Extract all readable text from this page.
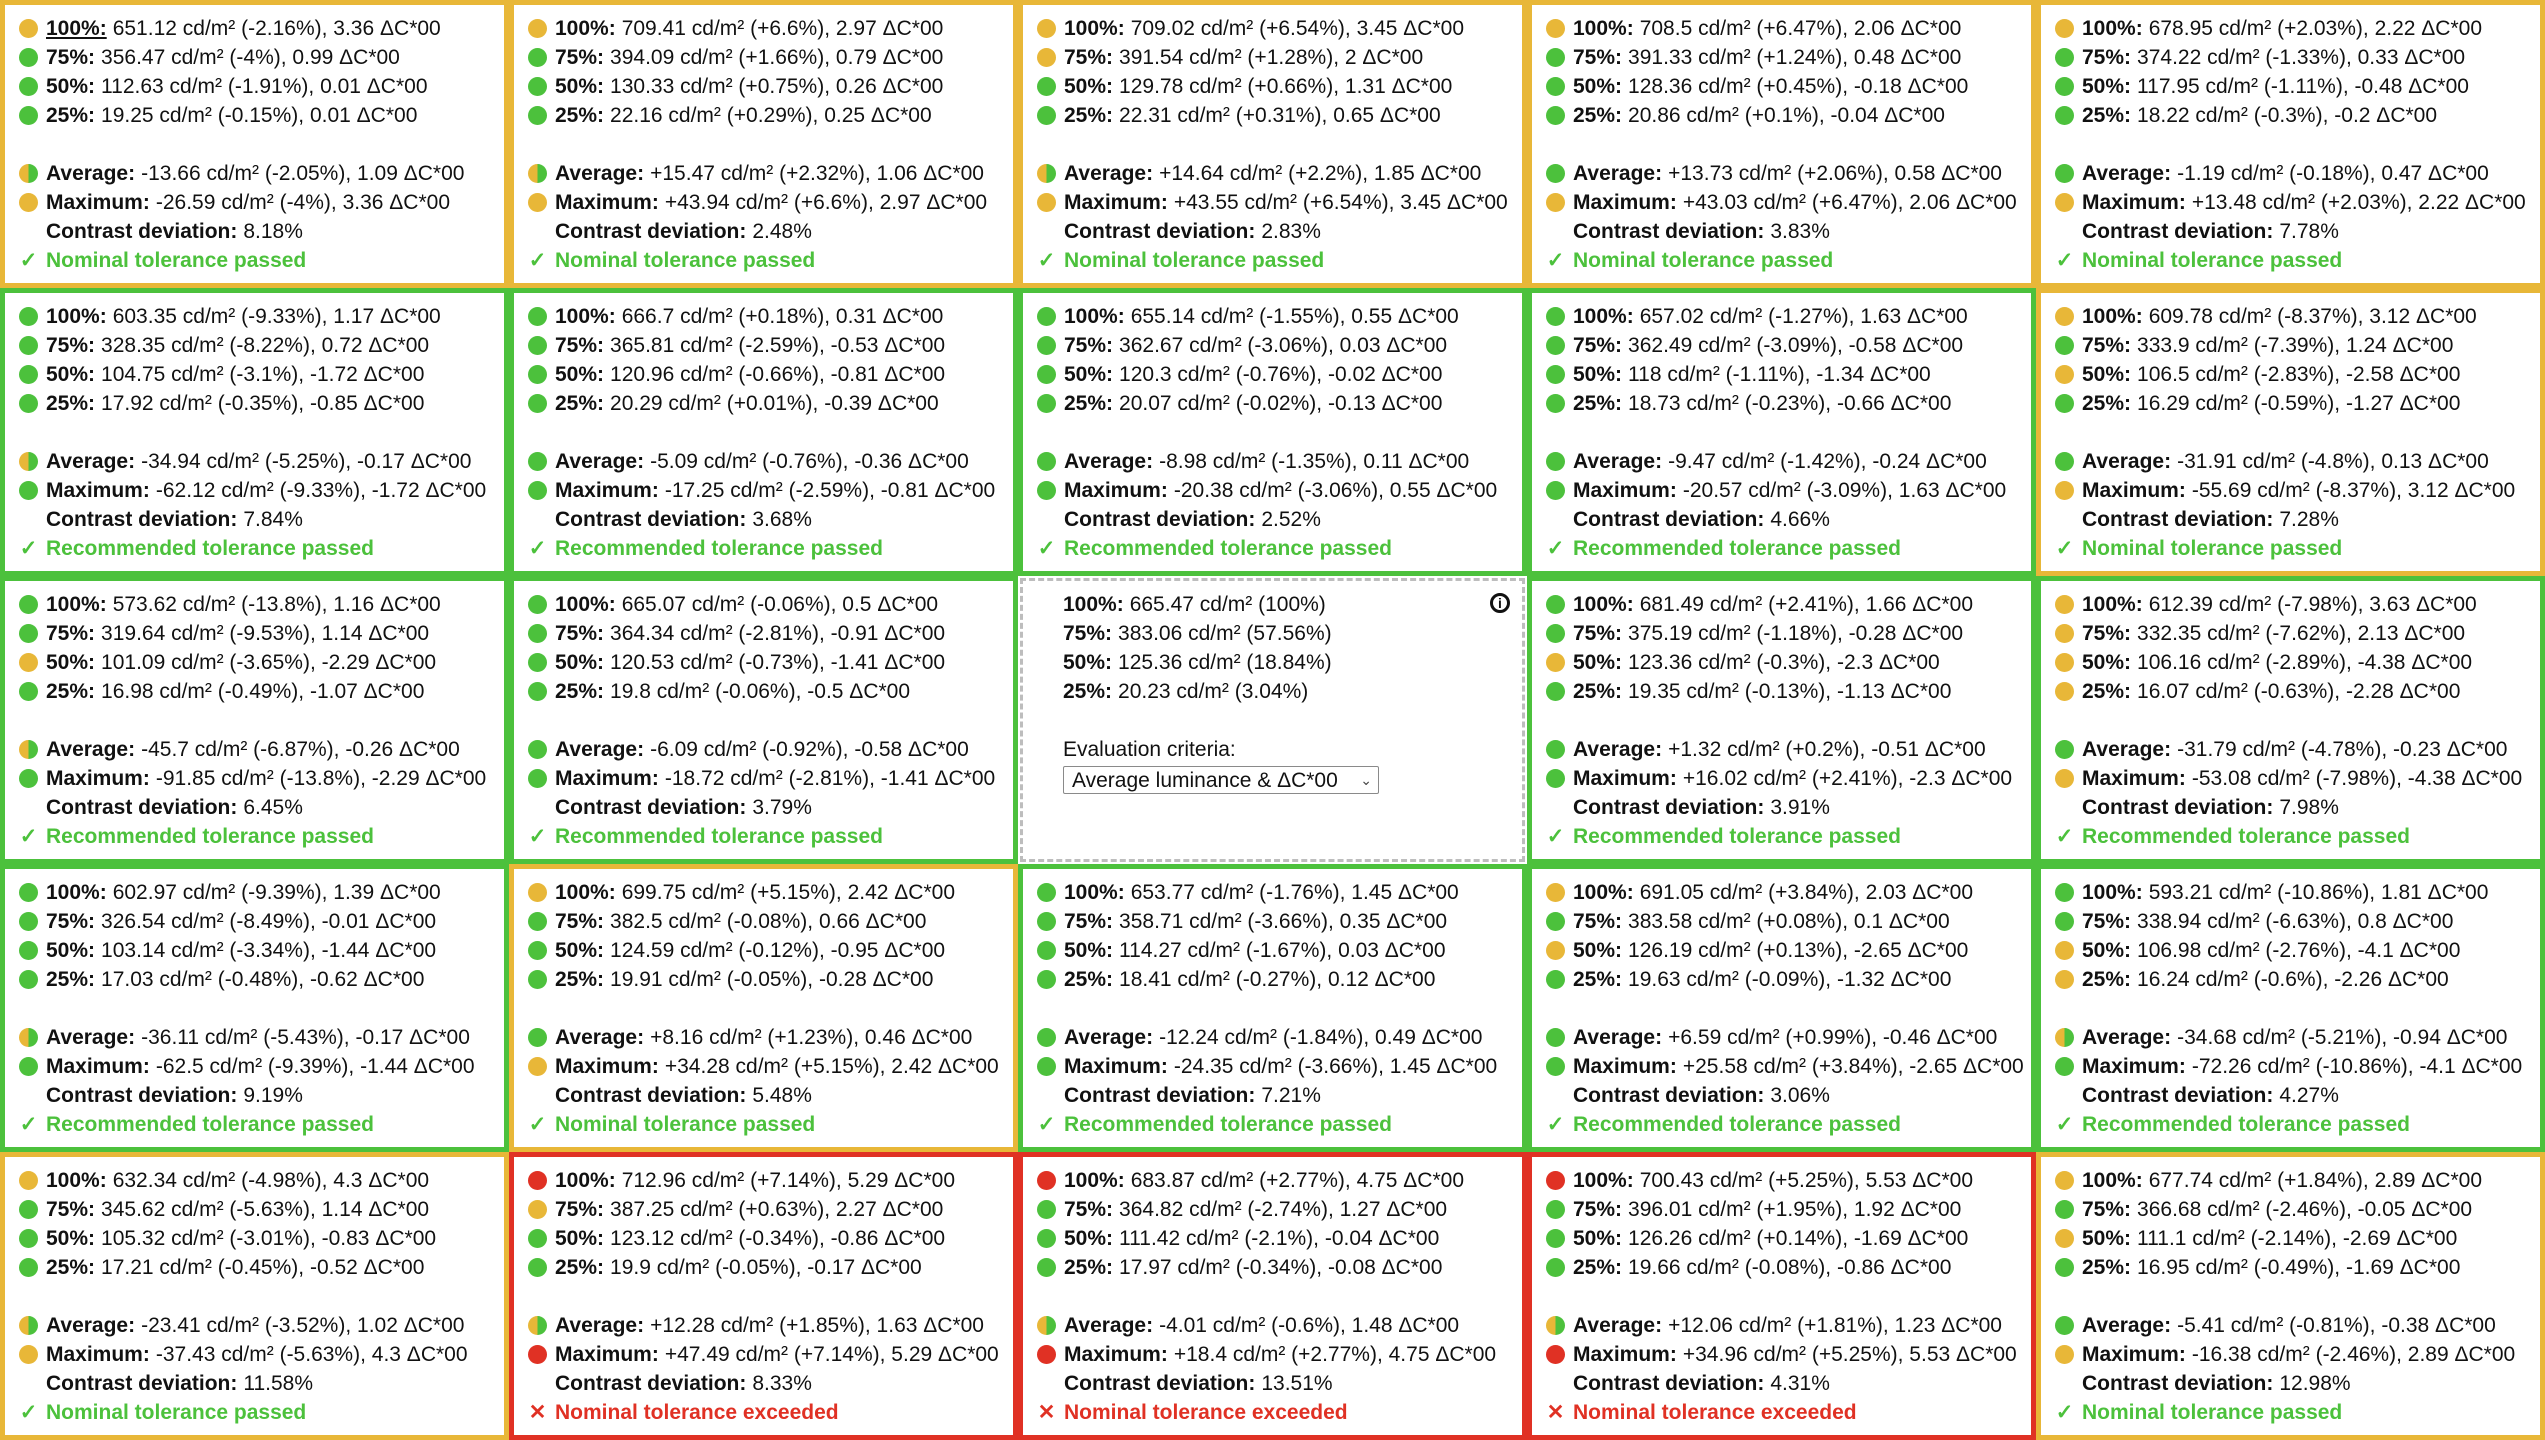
100%: 651.12 cd/m² (-2.16%), 3.36 ΔC*00
75%: 356.47 cd/m² (-4%), 0.99 ΔC*00
50%: 112.63 cd/m² (-1.91%), 0.01 ΔC*00
25%: 19.25 cd/m² (-0.15%), 0.01 ΔC*00
Average: -13.66 cd/m² (-2.05%), 1.09 ΔC*00
Maximum: -26.59 cd/m² (-4%), 3.36 ΔC*00
Contrast deviation: 8.18%
✓ Nominal tolerance passed
100%: 709.41 cd/m² (+6.6%), 2.97 ΔC*00
75%: 394.09 cd/m² (+1.66%), 0.79 ΔC*00
50%: 130.33 cd/m² (+0.75%), 0.26 ΔC*00
25%: 22.16 cd/m² (+0.29%), 0.25 ΔC*00
Average: +15.47 cd/m² (+2.32%), 1.06 ΔC*00
Maximum: +43.94 cd/m² (+6.6%), 2.97 ΔC*00
Contrast deviation: 2.48%
✓ Nominal tolerance passed
100%: 709.02 cd/m² (+6.54%), 3.45 ΔC*00
75%: 391.54 cd/m² (+1.28%), 2 ΔC*00
50%: 129.78 cd/m² (+0.66%), 1.31 ΔC*00
25%: 22.31 cd/m² (+0.31%), 0.65 ΔC*00
Average: +14.64 cd/m² (+2.2%), 1.85 ΔC*00
Maximum: +43.55 cd/m² (+6.54%), 3.45 ΔC*00
Contrast deviation: 2.83%
✓ Nominal tolerance passed
100%: 708.5 cd/m² (+6.47%), 2.06 ΔC*00
75%: 391.33 cd/m² (+1.24%), 0.48 ΔC*00
50%: 128.36 cd/m² (+0.45%), -0.18 ΔC*00
25%: 20.86 cd/m² (+0.1%), -0.04 ΔC*00
Average: +13.73 cd/m² (+2.06%), 0.58 ΔC*00
Maximum: +43.03 cd/m² (+6.47%), 2.06 ΔC*00
Contrast deviation: 3.83%
✓ Nominal tolerance passed
100%: 678.95 cd/m² (+2.03%), 2.22 ΔC*00
75%: 374.22 cd/m² (-1.33%), 0.33 ΔC*00
50%: 117.95 cd/m² (-1.11%), -0.48 ΔC*00
25%: 18.22 cd/m² (-0.3%), -0.2 ΔC*00
Average: -1.19 cd/m² (-0.18%), 0.47 ΔC*00
Maximum: +13.48 cd/m² (+2.03%), 2.22 ΔC*00
Contrast deviation: 7.78%
✓ Nominal tolerance passed
100%: 603.35 cd/m² (-9.33%), 1.17 ΔC*00
75%: 328.35 cd/m² (-8.22%), 0.72 ΔC*00
50%: 104.75 cd/m² (-3.1%), -1.72 ΔC*00
25%: 17.92 cd/m² (-0.35%), -0.85 ΔC*00
Average: -34.94 cd/m² (-5.25%), -0.17 ΔC*00
Maximum: -62.12 cd/m² (-9.33%), -1.72 ΔC*00
Contrast deviation: 7.84%
✓ Recommended tolerance passed
100%: 666.7 cd/m² (+0.18%), 0.31 ΔC*00
75%: 365.81 cd/m² (-2.59%), -0.53 ΔC*00
50%: 120.96 cd/m² (-0.66%), -0.81 ΔC*00
25%: 20.29 cd/m² (+0.01%), -0.39 ΔC*00
Average: -5.09 cd/m² (-0.76%), -0.36 ΔC*00
Maximum: -17.25 cd/m² (-2.59%), -0.81 ΔC*00
Contrast deviation: 3.68%
✓ Recommended tolerance passed
100%: 655.14 cd/m² (-1.55%), 0.55 ΔC*00
75%: 362.67 cd/m² (-3.06%), 0.03 ΔC*00
50%: 120.3 cd/m² (-0.76%), -0.02 ΔC*00
25%: 20.07 cd/m² (-0.02%), -0.13 ΔC*00
Average: -8.98 cd/m² (-1.35%), 0.11 ΔC*00
Maximum: -20.38 cd/m² (-3.06%), 0.55 ΔC*00
Contrast deviation: 2.52%
✓ Recommended tolerance passed
100%: 657.02 cd/m² (-1.27%), 1.63 ΔC*00
75%: 362.49 cd/m² (-3.09%), -0.58 ΔC*00
50%: 118 cd/m² (-1.11%), -1.34 ΔC*00
25%: 18.73 cd/m² (-0.23%), -0.66 ΔC*00
Average: -9.47 cd/m² (-1.42%), -0.24 ΔC*00
Maximum: -20.57 cd/m² (-3.09%), 1.63 ΔC*00
Contrast deviation: 4.66%
✓ Recommended tolerance passed
100%: 609.78 cd/m² (-8.37%), 3.12 ΔC*00
75%: 333.9 cd/m² (-7.39%), 1.24 ΔC*00
50%: 106.5 cd/m² (-2.83%), -2.58 ΔC*00
25%: 16.29 cd/m² (-0.59%), -1.27 ΔC*00
Average: -31.91 cd/m² (-4.8%), 0.13 ΔC*00
Maximum: -55.69 cd/m² (-8.37%), 3.12 ΔC*00
Contrast deviation: 7.28%
✓ Nominal tolerance passed
100%: 573.62 cd/m² (-13.8%), 1.16 ΔC*00
75%: 319.64 cd/m² (-9.53%), 1.14 ΔC*00
50%: 101.09 cd/m² (-3.65%), -2.29 ΔC*00
25%: 16.98 cd/m² (-0.49%), -1.07 ΔC*00
Average: -45.7 cd/m² (-6.87%), -0.26 ΔC*00
Maximum: -91.85 cd/m² (-13.8%), -2.29 ΔC*00
Contrast deviation: 6.45%
✓ Recommended tolerance passed
100%: 665.07 cd/m² (-0.06%), 0.5 ΔC*00
75%: 364.34 cd/m² (-2.81%), -0.91 ΔC*00
50%: 120.53 cd/m² (-0.73%), -1.41 ΔC*00
25%: 19.8 cd/m² (-0.06%), -0.5 ΔC*00
Average: -6.09 cd/m² (-0.92%), -0.58 ΔC*00
Maximum: -18.72 cd/m² (-2.81%), -1.41 ΔC*00
Contrast deviation: 3.79%
✓ Recommended tolerance passed
100%: 665.47 cd/m² (100%)
75%: 383.06 cd/m² (57.56%)
50%: 125.36 cd/m² (18.84%)
25%: 20.23 cd/m² (3.04%)
Evaluation criteria:
Average luminance & ΔC*00 ⌄
i	100%: 681.49 cd/m² (+2.41%), 1.66 ΔC*00
75%: 375.19 cd/m² (-1.18%), -0.28 ΔC*00
50%: 123.36 cd/m² (-0.3%), -2.3 ΔC*00
25%: 19.35 cd/m² (-0.13%), -1.13 ΔC*00
Average: +1.32 cd/m² (+0.2%), -0.51 ΔC*00
Maximum: +16.02 cd/m² (+2.41%), -2.3 ΔC*00
Contrast deviation: 3.91%
✓ Recommended tolerance passed
100%: 612.39 cd/m² (-7.98%), 3.63 ΔC*00
75%: 332.35 cd/m² (-7.62%), 2.13 ΔC*00
50%: 106.16 cd/m² (-2.89%), -4.38 ΔC*00
25%: 16.07 cd/m² (-0.63%), -2.28 ΔC*00
Average: -31.79 cd/m² (-4.78%), -0.23 ΔC*00
Maximum: -53.08 cd/m² (-7.98%), -4.38 ΔC*00
Contrast deviation: 7.98%
✓ Recommended tolerance passed
100%: 602.97 cd/m² (-9.39%), 1.39 ΔC*00
75%: 326.54 cd/m² (-8.49%), -0.01 ΔC*00
50%: 103.14 cd/m² (-3.34%), -1.44 ΔC*00
25%: 17.03 cd/m² (-0.48%), -0.62 ΔC*00
Average: -36.11 cd/m² (-5.43%), -0.17 ΔC*00
Maximum: -62.5 cd/m² (-9.39%), -1.44 ΔC*00
Contrast deviation: 9.19%
✓ Recommended tolerance passed
100%: 699.75 cd/m² (+5.15%), 2.42 ΔC*00
75%: 382.5 cd/m² (-0.08%), 0.66 ΔC*00
50%: 124.59 cd/m² (-0.12%), -0.95 ΔC*00
25%: 19.91 cd/m² (-0.05%), -0.28 ΔC*00
Average: +8.16 cd/m² (+1.23%), 0.46 ΔC*00
Maximum: +34.28 cd/m² (+5.15%), 2.42 ΔC*00
Contrast deviation: 5.48%
✓ Nominal tolerance passed
100%: 653.77 cd/m² (-1.76%), 1.45 ΔC*00
75%: 358.71 cd/m² (-3.66%), 0.35 ΔC*00
50%: 114.27 cd/m² (-1.67%), 0.03 ΔC*00
25%: 18.41 cd/m² (-0.27%), 0.12 ΔC*00
Average: -12.24 cd/m² (-1.84%), 0.49 ΔC*00
Maximum: -24.35 cd/m² (-3.66%), 1.45 ΔC*00
Contrast deviation: 7.21%
✓ Recommended tolerance passed
100%: 691.05 cd/m² (+3.84%), 2.03 ΔC*00
75%: 383.58 cd/m² (+0.08%), 0.1 ΔC*00
50%: 126.19 cd/m² (+0.13%), -2.65 ΔC*00
25%: 19.63 cd/m² (-0.09%), -1.32 ΔC*00
Average: +6.59 cd/m² (+0.99%), -0.46 ΔC*00
Maximum: +25.58 cd/m² (+3.84%), -2.65 ΔC*00
Contrast deviation: 3.06%
✓ Recommended tolerance passed
100%: 593.21 cd/m² (-10.86%), 1.81 ΔC*00
75%: 338.94 cd/m² (-6.63%), 0.8 ΔC*00
50%: 106.98 cd/m² (-2.76%), -4.1 ΔC*00
25%: 16.24 cd/m² (-0.6%), -2.26 ΔC*00
Average: -34.68 cd/m² (-5.21%), -0.94 ΔC*00
Maximum: -72.26 cd/m² (-10.86%), -4.1 ΔC*00
Contrast deviation: 4.27%
✓ Recommended tolerance passed
100%: 632.34 cd/m² (-4.98%), 4.3 ΔC*00
75%: 345.62 cd/m² (-5.63%), 1.14 ΔC*00
50%: 105.32 cd/m² (-3.01%), -0.83 ΔC*00
25%: 17.21 cd/m² (-0.45%), -0.52 ΔC*00
Average: -23.41 cd/m² (-3.52%), 1.02 ΔC*00
Maximum: -37.43 cd/m² (-5.63%), 4.3 ΔC*00
Contrast deviation: 11.58%
✓ Nominal tolerance passed
100%: 712.96 cd/m² (+7.14%), 5.29 ΔC*00
75%: 387.25 cd/m² (+0.63%), 2.27 ΔC*00
50%: 123.12 cd/m² (-0.34%), -0.86 ΔC*00
25%: 19.9 cd/m² (-0.05%), -0.17 ΔC*00
Average: +12.28 cd/m² (+1.85%), 1.63 ΔC*00
Maximum: +47.49 cd/m² (+7.14%), 5.29 ΔC*00
Contrast deviation: 8.33%
✕ Nominal tolerance exceeded
100%: 683.87 cd/m² (+2.77%), 4.75 ΔC*00
75%: 364.82 cd/m² (-2.74%), 1.27 ΔC*00
50%: 111.42 cd/m² (-2.1%), -0.04 ΔC*00
25%: 17.97 cd/m² (-0.34%), -0.08 ΔC*00
Average: -4.01 cd/m² (-0.6%), 1.48 ΔC*00
Maximum: +18.4 cd/m² (+2.77%), 4.75 ΔC*00
Contrast deviation: 13.51%
✕ Nominal tolerance exceeded
100%: 700.43 cd/m² (+5.25%), 5.53 ΔC*00
75%: 396.01 cd/m² (+1.95%), 1.92 ΔC*00
50%: 126.26 cd/m² (+0.14%), -1.69 ΔC*00
25%: 19.66 cd/m² (-0.08%), -0.86 ΔC*00
Average: +12.06 cd/m² (+1.81%), 1.23 ΔC*00
Maximum: +34.96 cd/m² (+5.25%), 5.53 ΔC*00
Contrast deviation: 4.31%
✕ Nominal tolerance exceeded
100%: 677.74 cd/m² (+1.84%), 2.89 ΔC*00
75%: 366.68 cd/m² (-2.46%), -0.05 ΔC*00
50%: 111.1 cd/m² (-2.14%), -2.69 ΔC*00
25%: 16.95 cd/m² (-0.49%), -1.69 ΔC*00
Average: -5.41 cd/m² (-0.81%), -0.38 ΔC*00
Maximum: -16.38 cd/m² (-2.46%), 2.89 ΔC*00
Contrast deviation: 12.98%
✓ Nominal tolerance passed
